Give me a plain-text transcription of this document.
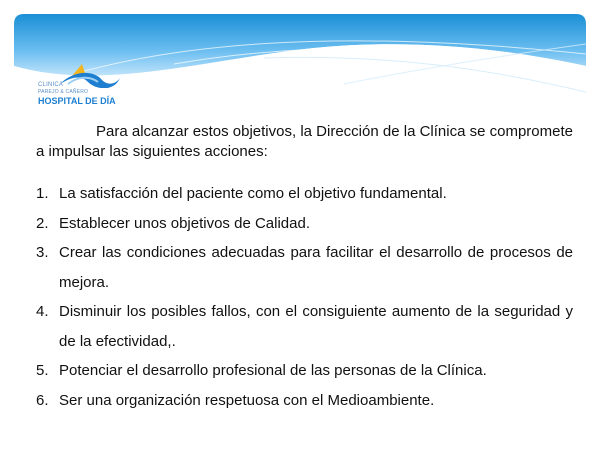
CLINICA
PAREJO & CAÑERO
HOSPITAL DE DÍA

Para alcanzar estos objetivos, la Dirección de la Clínica se compromete a impulsar las siguientes acciones:

1. La satisfacción del paciente como el objetivo fundamental.
2. Establecer unos objetivos de Calidad.
3. Crear las condiciones adecuadas para facilitar el desarrollo de procesos de mejora.
4. Disminuir los posibles fallos, con el consiguiente aumento de la seguridad y de la efectividad,.
5. Potenciar el desarrollo profesional de las personas de la Clínica.
6. Ser una organización respetuosa con el Medioambiente.
